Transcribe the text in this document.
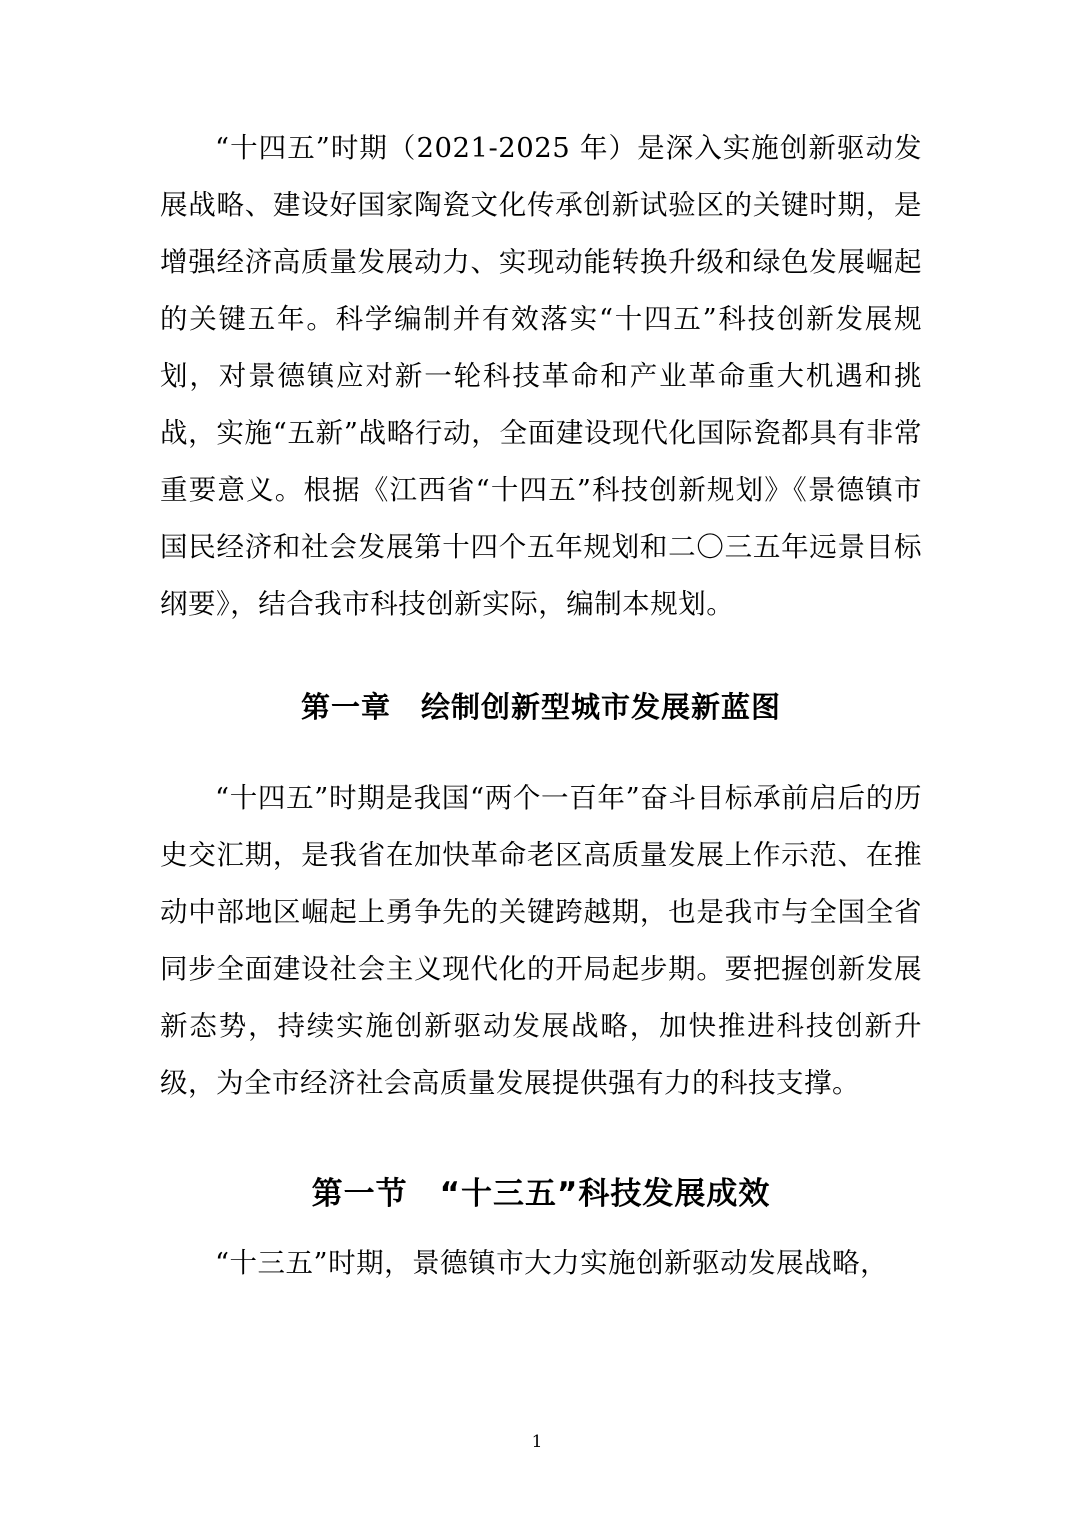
“十四五”时期（2021-2025 年）是深入实施创新驱动发展战略、建设好国家陶瓷文化传承创新试验区的关键时期，是增强经济高质量发展动力、实现动能转换升级和绿色发展崛起的关键五年。科学编制并有效落实“十四五”科技创新发展规划，对景德镇应对新一轮科技革命和产业革命重大机遇和挑战，实施“五新”战略行动，全面建设现代化国际瓷都具有非常重要意义。根据《江西省“十四五”科技创新规划》《景德镇市国民经济和社会发展第十四个五年规划和二〇三五年远景目标纲要》，结合我市科技创新实际，编制本规划。

第一章　绘制创新型城市发展新蓝图

“十四五”时期是我国“两个一百年”奋斗目标承前启后的历史交汇期，是我省在加快革命老区高质量发展上作示范、在推动中部地区崛起上勇争先的关键跨越期，也是我市与全国全省同步全面建设社会主义现代化的开局起步期。要把握创新发展新态势，持续实施创新驱动发展战略，加快推进科技创新升级，为全市经济社会高质量发展提供强有力的科技支撑。

第一节　“十三五”科技发展成效

“十三五”时期，景德镇市大力实施创新驱动发展战略，

1
